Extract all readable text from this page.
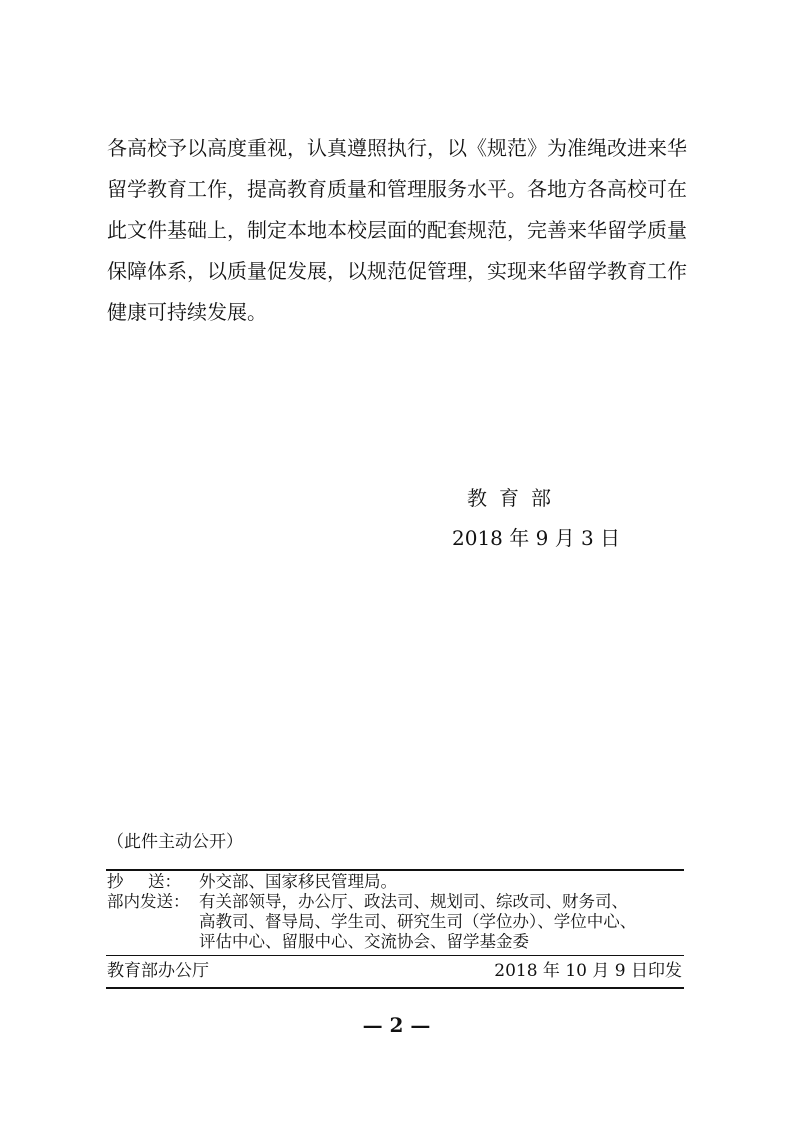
各高校予以高度重视，认真遵照执行，以《规范》为准绳改进来华
留学教育工作，提高教育质量和管理服务水平。各地方各高校可在
此文件基础上，制定本地本校层面的配套规范，完善来华留学质量
保障体系，以质量促发展，以规范促管理，实现来华留学教育工作
健康可持续发展。
教育部
2018 年 9 月 3 日
（此件主动公开）
抄 送： 外交部、国家移民管理局。
部内发送： 有关部领导，办公厅、政法司、规划司、综改司、财务司、
高教司、督导局、学生司、研究生司（学位办）、学位中心、
评估中心、留服中心、交流协会、留学基金委
教育部办公厅	2018 年 10 月 9 日印发
— 2 —
